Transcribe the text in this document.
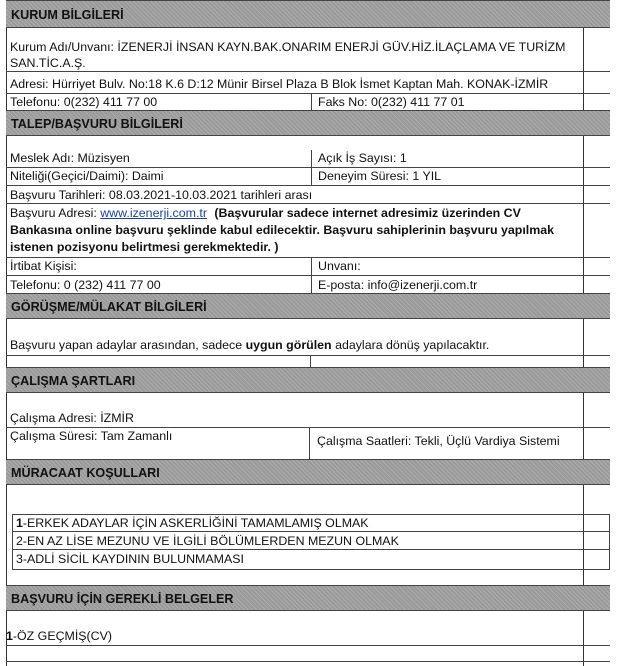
KURUM BİLGİLERİ
Kurum Adı/Unvanı: İZENERJİ İNSAN KAYN.BAK.ONARIM ENERJİ GÜV.HİZ.İLAÇLAMA VE TURİZM
SAN.TİC.A.Ş.
Adresi: Hürriyet Bulv. No:18 K.6 D:12 Münir Birsel Plaza B Blok İsmet Kaptan Mah. KONAK-İZMİR
Telefonu: 0(232) 411 77 00	Faks No: 0(232) 411 77 01
TALEP/BAŞVURU BİLGİLERİ
Meslek Adı: Müzisyen	Açık İş Sayısı: 1
Niteliği(Geçici/Daimi): Daimi	Deneyim Süresi: 1 YIL
Başvuru Tarihleri: 08.03.2021-10.03.2021 tarihleri arası
Başvuru Adresi: www.izenerji.com.tr (Başvurular sadece internet adresimiz üzerinden CV
Bankasına online başvuru şeklinde kabul edilecektir. Başvuru sahiplerinin başvuru yapılmak
istenen pozisyonu belirtmesi gerekmektedir. )
İrtibat Kişisi:	Unvanı:
Telefonu: 0 (232) 411 77 00	E-posta: info@izenerji.com.tr
GÖRÜŞME/MÜLAKAT BİLGİLERİ
Başvuru yapan adaylar arasından, sadece uygun görülen adaylara dönüş yapılacaktır.
ÇALIŞMA ŞARTLARI
Çalışma Adresi: İZMİR
Çalışma Süresi: Tam Zamanlı	Çalışma Saatleri: Tekli, Üçlü Vardiya Sistemi
MÜRACAAT KOŞULLARI
1-ERKEK ADAYLAR İÇİN ASKERLİĞİNİ TAMAMLAMIŞ OLMAK
2-EN AZ LİSE MEZUNU VE İLGİLİ BÖLÜMLERDEN MEZUN OLMAK
3-ADLİ SİCİL KAYDININ BULUNMAMASI
BAŞVURU İÇİN GEREKLİ BELGELER
1-ÖZ GEÇMİŞ(CV)
